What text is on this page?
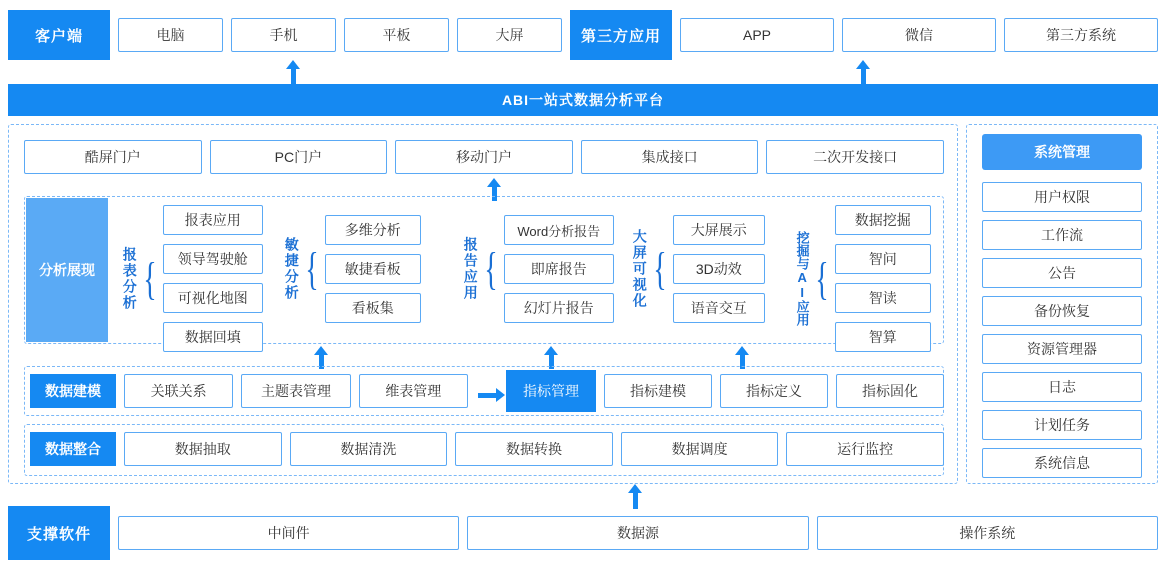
客户端	电脑	手机	平板	大屏	第三方应用	APP	微信	第三方系统
ABI一站式数据分析平台
酷屏门户	PC门户	移动门户	集成接口	二次开发接口
分析展现	报表分析 {
报表应用
领导驾驶舱
可视化地图
数据回填
敏捷分析 {
多维分析
敏捷看板
看板集
报告应用 {
Word分析报告
即席报告
幻灯片报告	大屏可视化 {
大屏展示
3D动效
语音交互	挖掘与AI应用 {
数据挖掘
智问
智读
智算
数据建模	关联关系	主题表管理	维表管理	指标管理	指标建模	指标定义	指标固化
数据整合	数据抽取	数据清洗	数据转换	数据调度	运行监控
系统管理
用户权限
工作流
公告
备份恢复
资源管理器
日志
计划任务
系统信息
支撑软件	中间件	数据源	操作系统
